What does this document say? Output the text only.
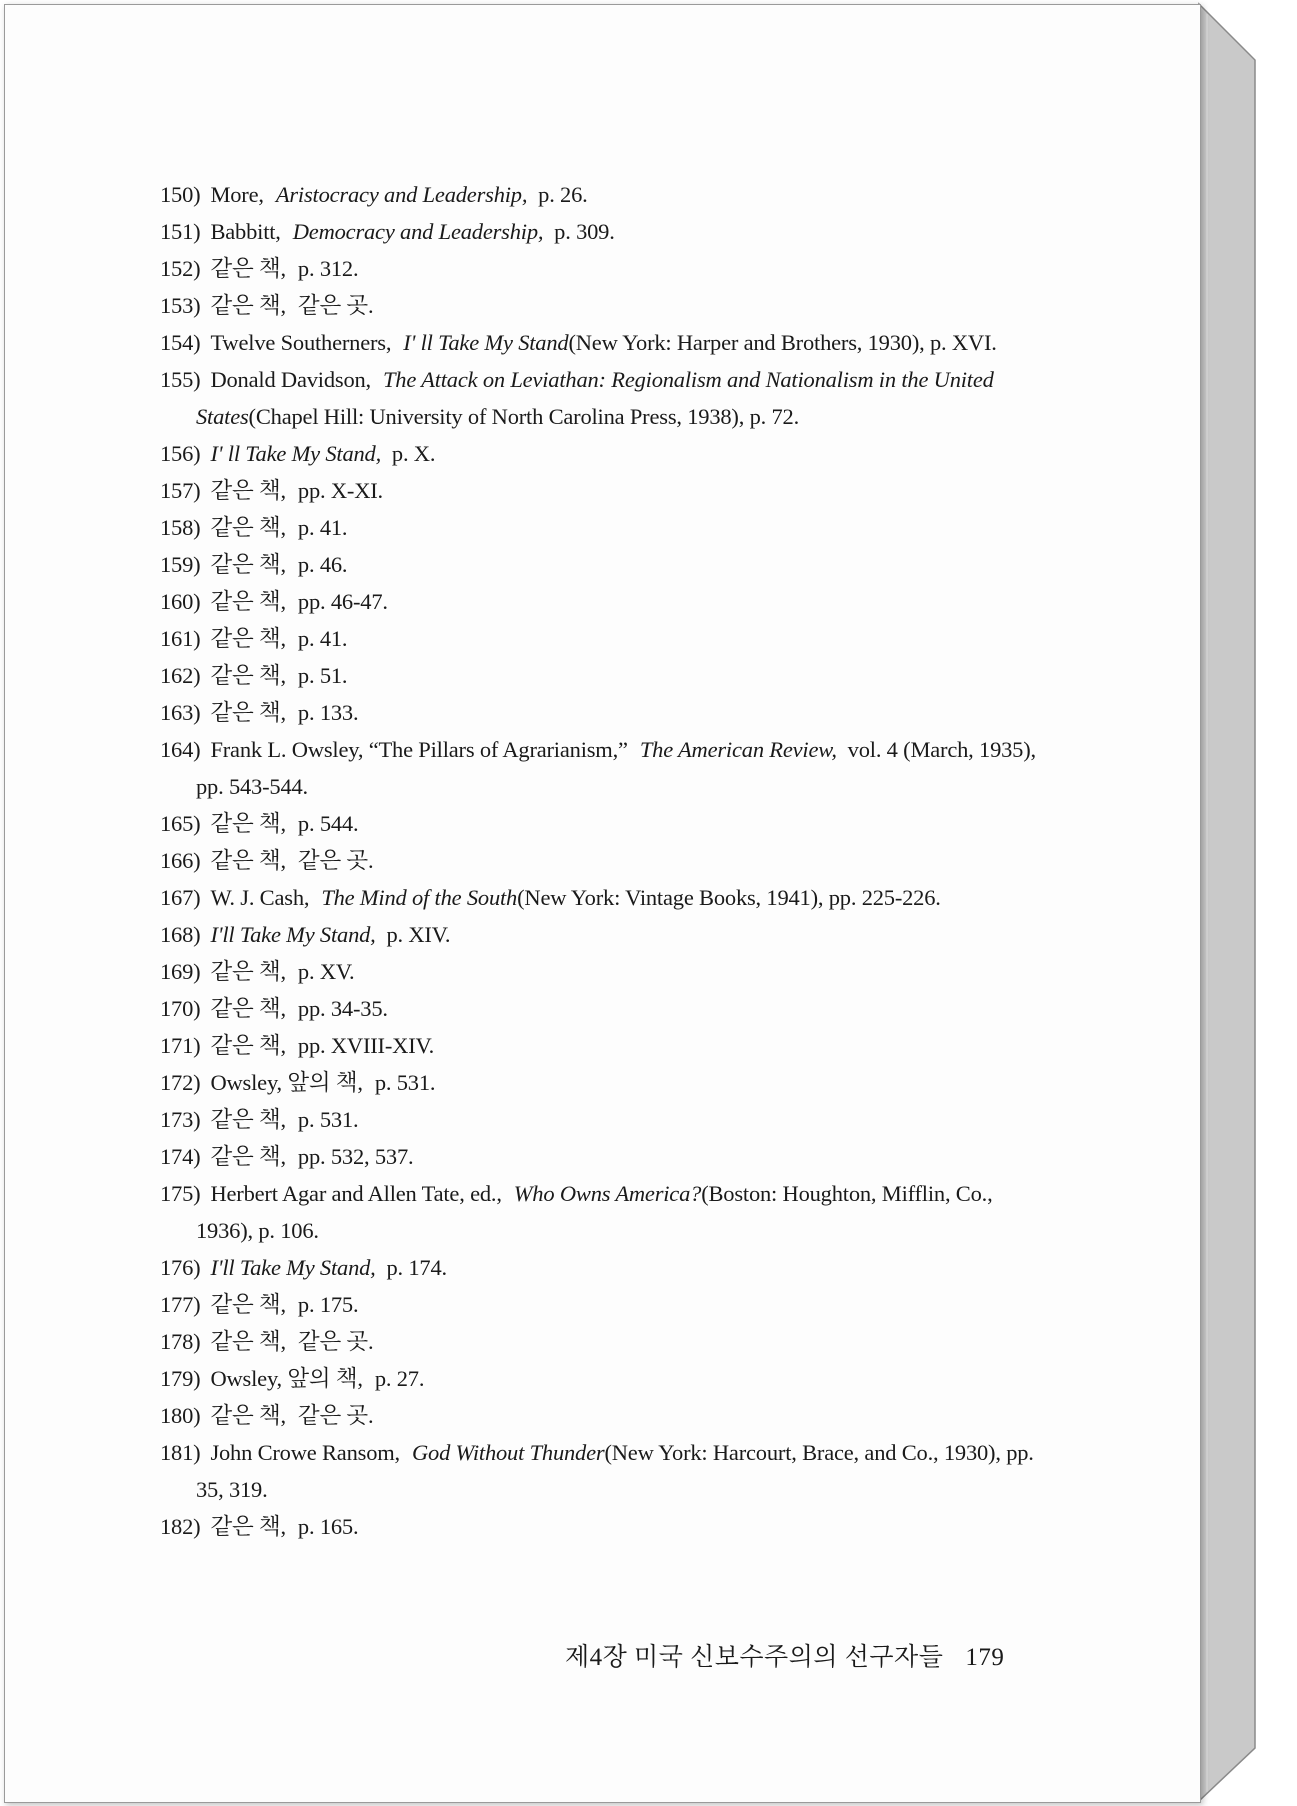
150) More, Aristocracy and Leadership, p. 26.
151) Babbitt, Democracy and Leadership, p. 309.
152) 같은 책, p. 312.
153) 같은 책, 같은 곳.
154) Twelve Southerners, I' ll Take My Stand(New York: Harper and Brothers, 1930), p. XVI.
155) Donald Davidson, The Attack on Leviathan: Regionalism and Nationalism in the United States(Chapel Hill: University of North Carolina Press, 1938), p. 72.
156) I' ll Take My Stand, p. X.
157) 같은 책, pp. X-XI.
158) 같은 책, p. 41.
159) 같은 책, p. 46.
160) 같은 책, pp. 46-47.
161) 같은 책, p. 41.
162) 같은 책, p. 51.
163) 같은 책, p. 133.
164) Frank L. Owsley, “The Pillars of Agrarianism,” The American Review, vol. 4 (March, 1935), pp. 543-544.
165) 같은 책, p. 544.
166) 같은 책, 같은 곳.
167) W. J. Cash, The Mind of the South(New York: Vintage Books, 1941), pp. 225-226.
168) I'll Take My Stand, p. XIV.
169) 같은 책, p. XV.
170) 같은 책, pp. 34-35.
171) 같은 책, pp. XVIII-XIV.
172) Owsley, 앞의 책, p. 531.
173) 같은 책, p. 531.
174) 같은 책, pp. 532, 537.
175) Herbert Agar and Allen Tate, ed., Who Owns America?(Boston: Houghton, Mifflin, Co., 1936), p. 106.
176) I'll Take My Stand, p. 174.
177) 같은 책, p. 175.
178) 같은 책, 같은 곳.
179) Owsley, 앞의 책, p. 27.
180) 같은 책, 같은 곳.
181) John Crowe Ransom, God Without Thunder(New York: Harcourt, Brace, and Co., 1930), pp. 35, 319.
182) 같은 책, p. 165.
제4장 미국 신보수주의의 선구자들 179
